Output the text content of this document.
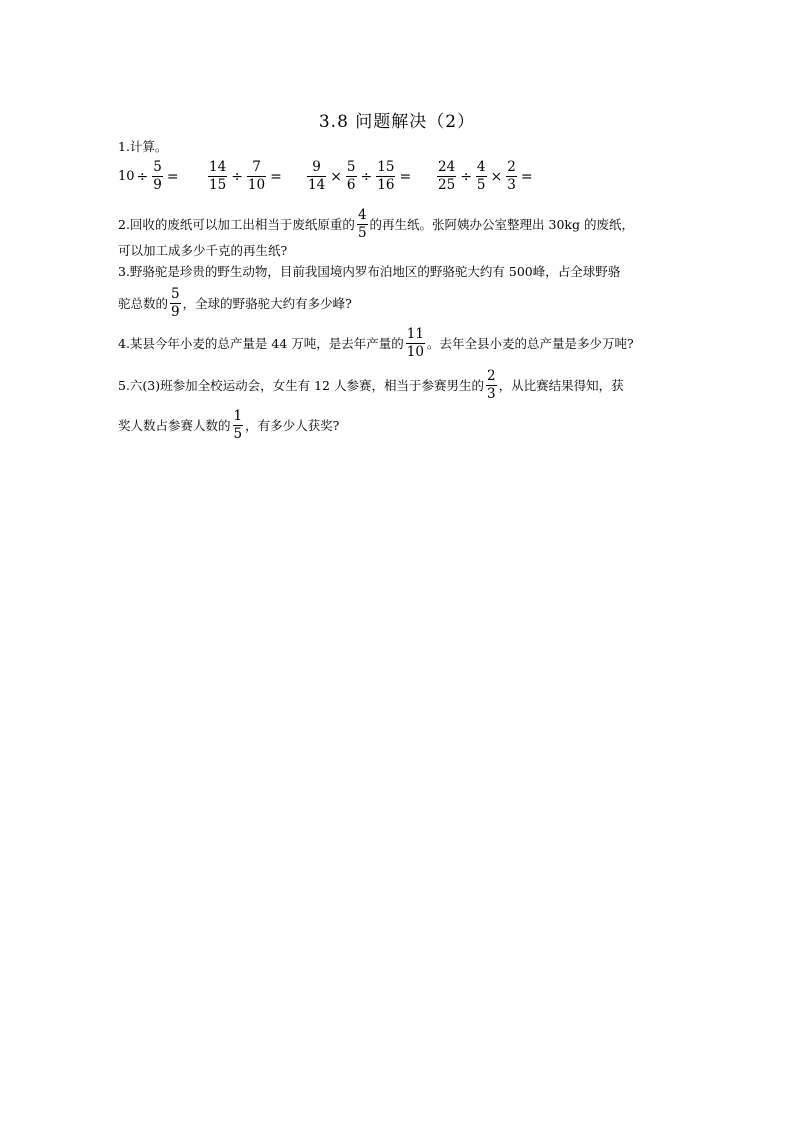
3.8 问题解决（2）
1.计算。
$10 \div \frac{5}{9} = \frac{14}{15} \div \frac{7}{10} = \frac{9}{14} \times \frac{5}{6} \div \frac{15}{16} = \frac{24}{25} \div \frac{4}{5} \times \frac{2}{3}$ =
2.回收的废纸可以加工出相当于废纸原重的 $\frac{4}{5}$ 的再生纸。张阿姨办公室整理出 30kg 的废纸，
可以加工成多少千克的再生纸?
3.野骆驼是珍贵的野生动物，目前我国境内罗布泊地区的野骆驼大约有 500峰，占全球野骆
驼总数的 $\frac{5}{9}$ ，全球的野骆驼大约有多少峰?
4.某县今年小麦的总产量是 44 万吨，是去年产量的 $\frac{11}{10}$ 。去年全县小麦的总产量是多少万吨?
5.六(3)班参加全校运动会，女生有 12 人参赛，相当于参赛男生的 $\frac{2}{3}$ ，从比赛结果得知，获
奖人数占参赛人数的 $\frac{1}{5}$ ，有多少人获奖?
